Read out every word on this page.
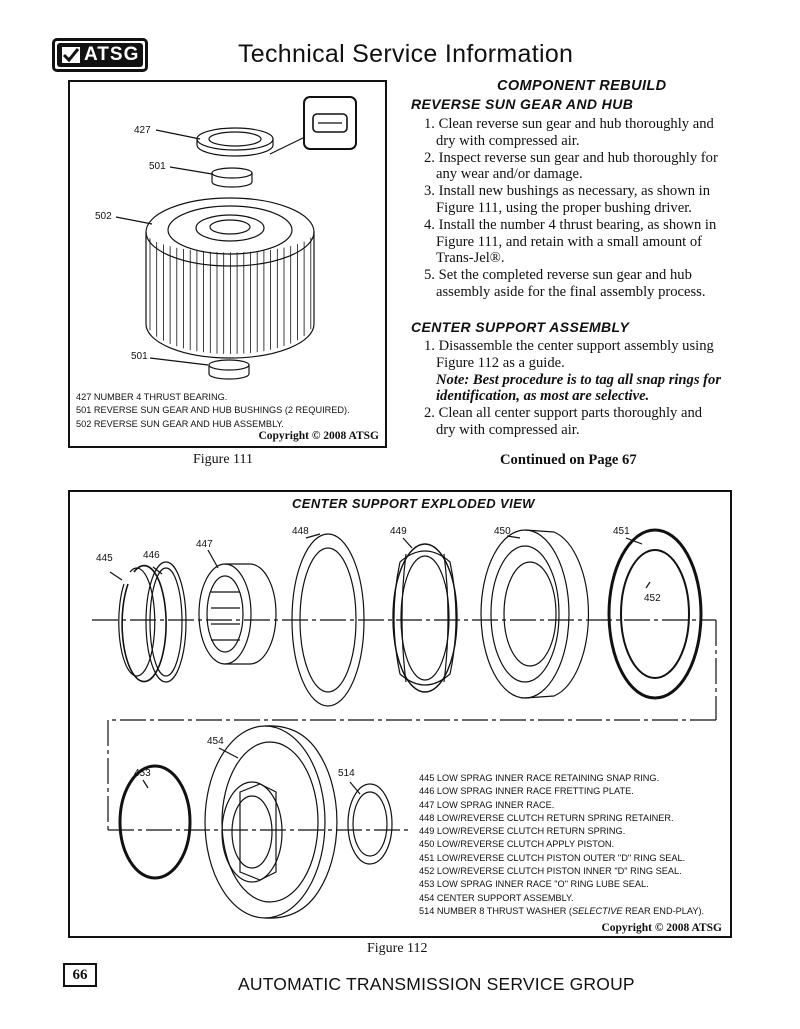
ATSG	Technical Service Information
427
501
502
501
427 NUMBER 4 THRUST BEARING.
501 REVERSE SUN GEAR AND HUB BUSHINGS (2 REQUIRED).
502 REVERSE SUN GEAR AND HUB ASSEMBLY.
Copyright © 2008 ATSG
Figure 111
COMPONENT REBUILD
REVERSE SUN GEAR AND HUB
1. Clean reverse sun gear and hub thoroughly and dry with compressed air.
2. Inspect reverse sun gear and hub thoroughly for any wear and/or damage.
3. Install new bushings as necessary, as shown in Figure 111, using the proper bushing driver.
4. Install the number 4 thrust bearing, as shown in Figure 111, and retain with a small amount of Trans-Jel®.
5. Set the completed reverse sun gear and hub assembly aside for the final assembly process.
CENTER SUPPORT ASSEMBLY
1. Disassemble the center support assembly using Figure 112 as a guide.
Note: Best procedure is to tag all snap rings for identification, as most are selective.
2. Clean all center support parts thoroughly and dry with compressed air.
Continued on Page 67
CENTER SUPPORT EXPLODED VIEW
445	446
447
448	449	450	451
452
453
454
514	445 LOW SPRAG INNER RACE RETAINING SNAP RING.
446 LOW SPRAG INNER RACE FRETTING PLATE.
447 LOW SPRAG INNER RACE.
448 LOW/REVERSE CLUTCH RETURN SPRING RETAINER.
449 LOW/REVERSE CLUTCH RETURN SPRING.
450 LOW/REVERSE CLUTCH APPLY PISTON.
451 LOW/REVERSE CLUTCH PISTON OUTER "D" RING SEAL.
452 LOW/REVERSE CLUTCH PISTON INNER "D" RING SEAL.
453 LOW SPRAG INNER RACE "O" RING LUBE SEAL.
454 CENTER SUPPORT ASSEMBLY.
514 NUMBER 8 THRUST WASHER (SELECTIVE REAR END-PLAY).
Copyright © 2008 ATSG
Figure 112
66	AUTOMATIC TRANSMISSION SERVICE GROUP
